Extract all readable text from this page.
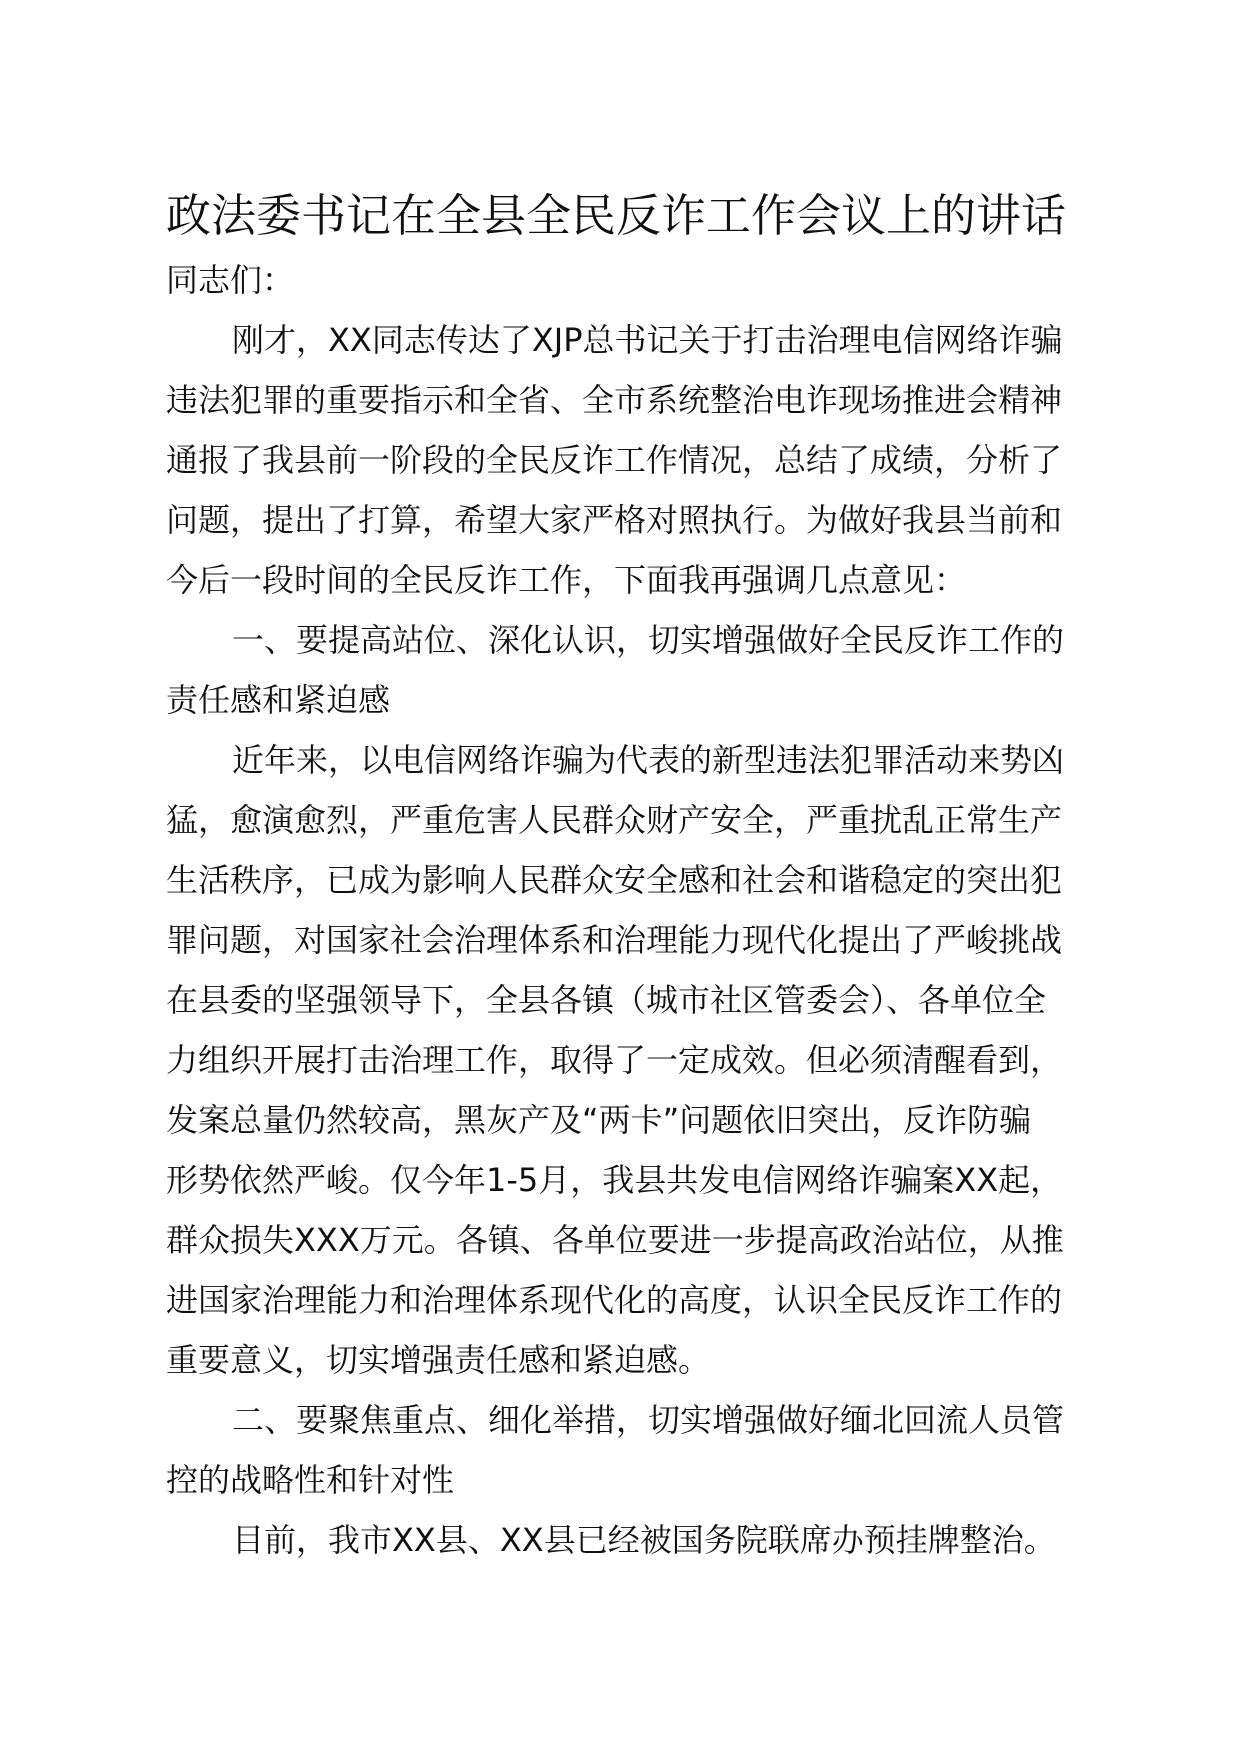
政法委书记在全县全民反诈工作会议上的讲话
同志们：
刚才，XX同志传达了XJP总书记关于打击治理电信网络诈骗
违法犯罪的重要指示和全省、全市系统整治电诈现场推进会精神
通报了我县前一阶段的全民反诈工作情况，总结了成绩，分析了
问题，提出了打算，希望大家严格对照执行。为做好我县当前和
今后一段时间的全民反诈工作，下面我再强调几点意见：
一、要提高站位、深化认识，切实增强做好全民反诈工作的
责任感和紧迫感
近年来，以电信网络诈骗为代表的新型违法犯罪活动来势凶
猛，愈演愈烈，严重危害人民群众财产安全，严重扰乱正常生产
生活秩序，已成为影响人民群众安全感和社会和谐稳定的突出犯
罪问题，对国家社会治理体系和治理能力现代化提出了严峻挑战
在县委的坚强领导下，全县各镇（城市社区管委会）、各单位全
力组织开展打击治理工作，取得了一定成效。但必须清醒看到，
发案总量仍然较高，黑灰产及“两卡”问题依旧突出，反诈防骗
形势依然严峻。仅今年1-5月，我县共发电信网络诈骗案XX起，
群众损失XXX万元。各镇、各单位要进一步提高政治站位，从推
进国家治理能力和治理体系现代化的高度，认识全民反诈工作的
重要意义，切实增强责任感和紧迫感。
二、要聚焦重点、细化举措，切实增强做好缅北回流人员管
控的战略性和针对性
目前，我市XX县、XX县已经被国务院联席办预挂牌整治。
